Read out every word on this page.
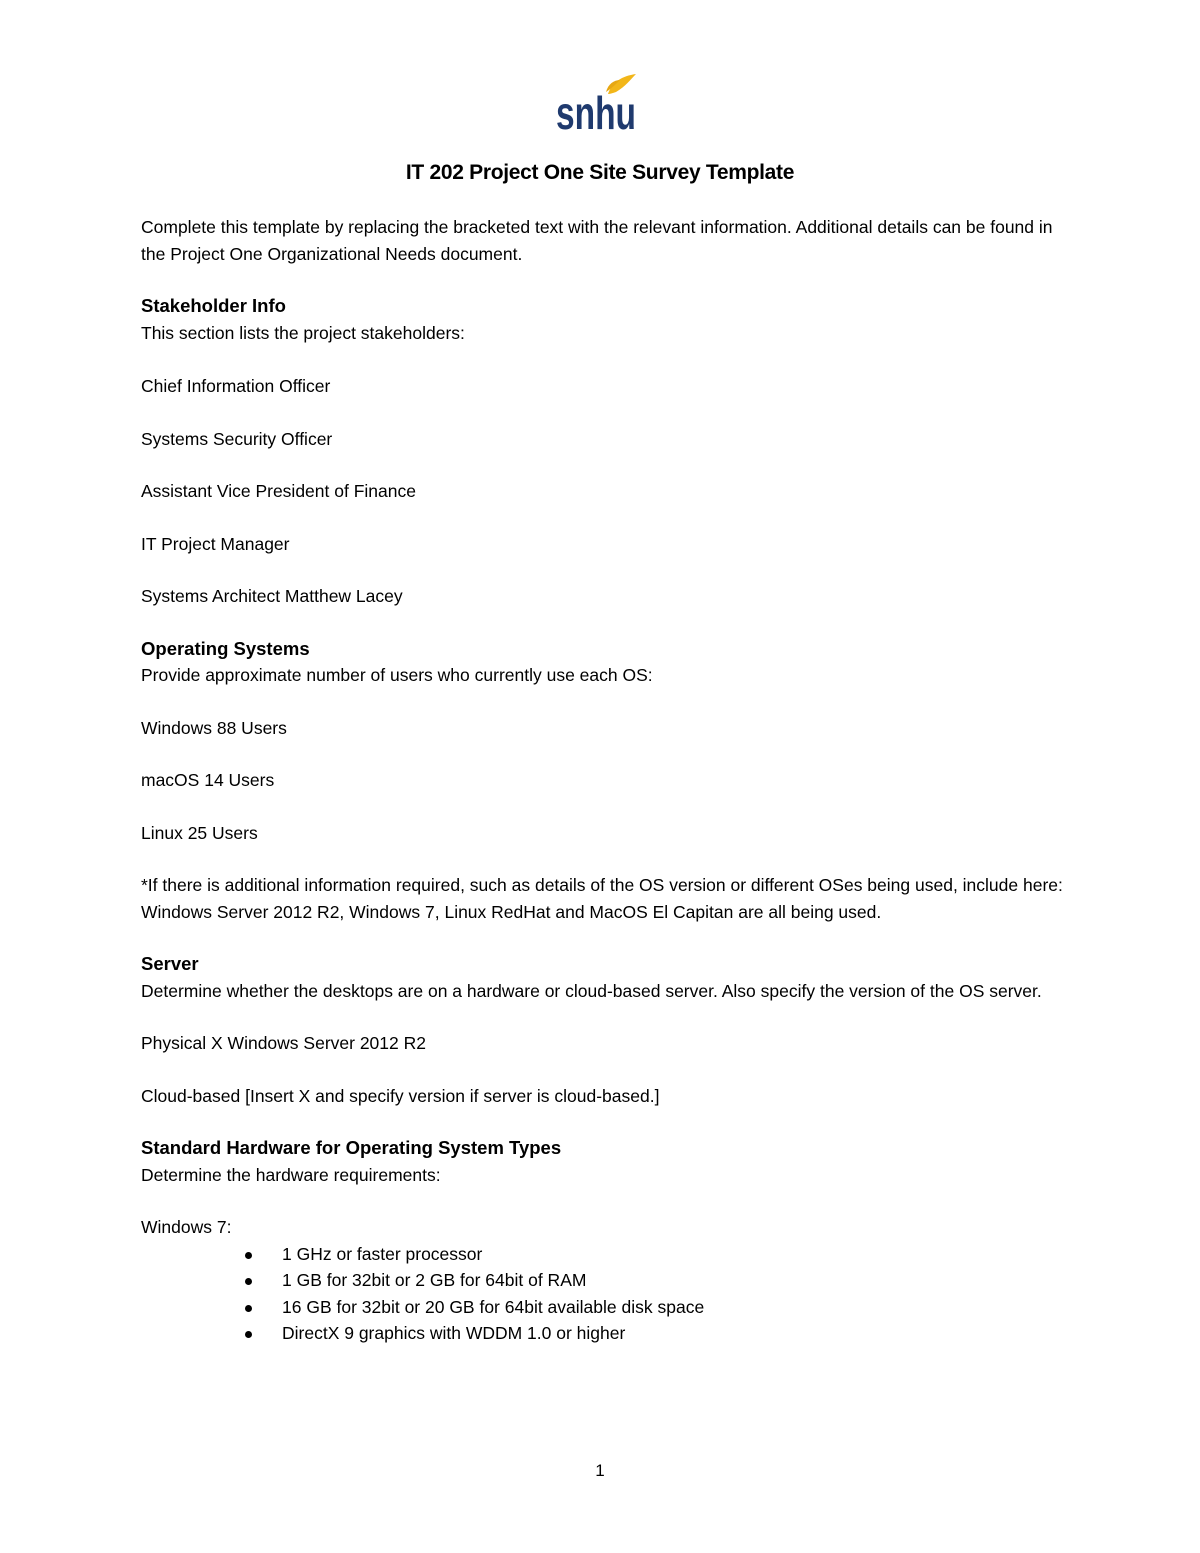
snhu
IT 202 Project One Site Survey Template

Complete this template by replacing the bracketed text with the relevant information. Additional details can be found in the Project One Organizational Needs document.

Stakeholder Info

This section lists the project stakeholders:

Chief Information Officer

Systems Security Officer

Assistant Vice President of Finance

IT Project Manager

Systems Architect Matthew Lacey

Operating Systems

Provide approximate number of users who currently use each OS:

Windows 88 Users

macOS 14 Users

Linux 25 Users

*If there is additional information required, such as details of the OS version or different OSes being used, include here: Windows Server 2012 R2, Windows 7, Linux RedHat and MacOS El Capitan are all being used.

Server

Determine whether the desktops are on a hardware or cloud-based server. Also specify the version of the OS server.

Physical X Windows Server 2012 R2

Cloud-based [Insert X and specify version if server is cloud-based.]

Standard Hardware for Operating System Types

Determine the hardware requirements:

Windows 7:

1 GHz or faster processor
1 GB for 32bit or 2 GB for 64bit of RAM
16 GB for 32bit or 20 GB for 64bit available disk space
DirectX 9 graphics with WDDM 1.0 or higher
1
